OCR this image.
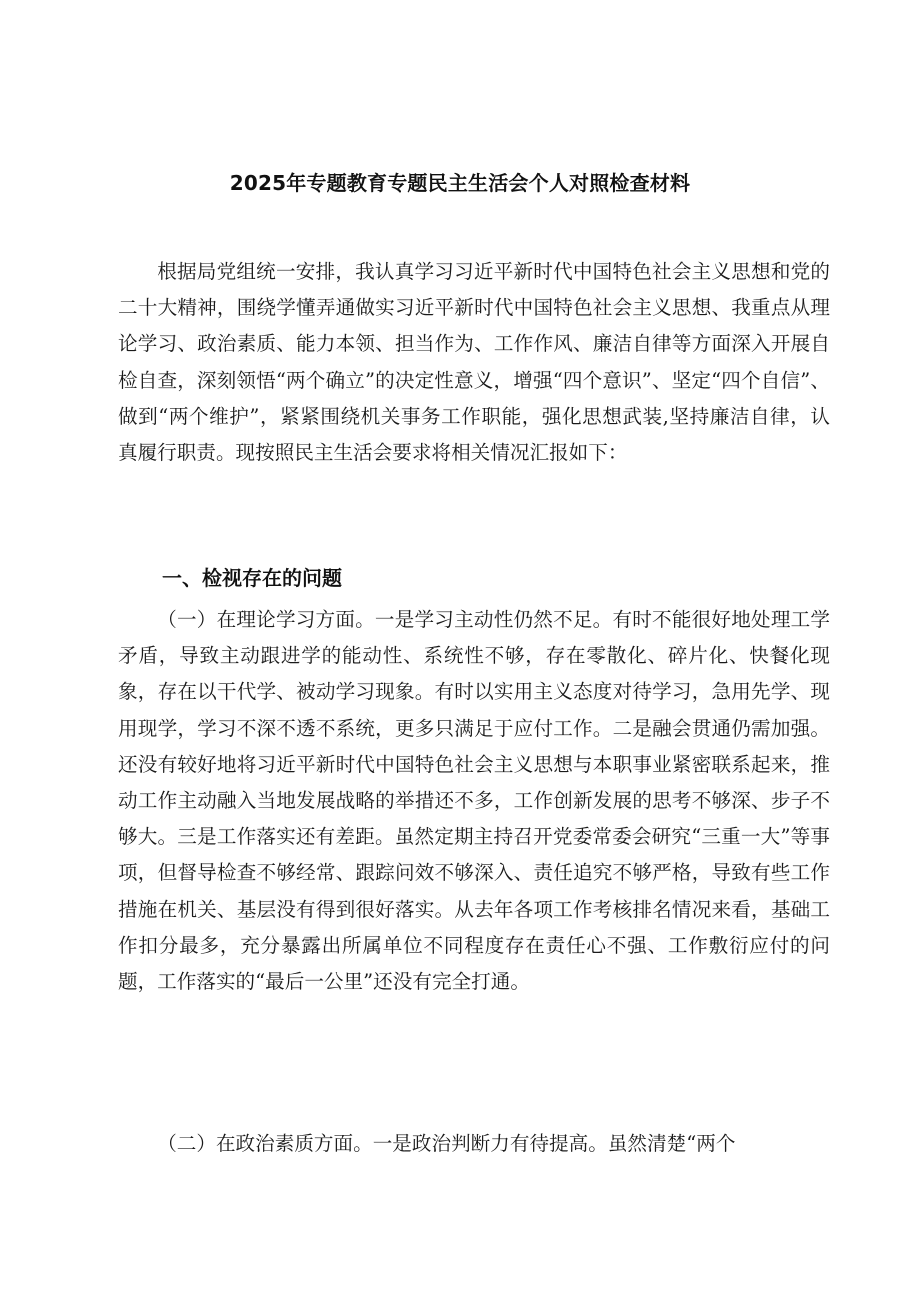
2025年专题教育专题民主生活会个人对照检查材料

根据局党组统一安排，我认真学习习近平新时代中国特色社会主义思想和党的二十大精神，围绕学懂弄通做实习近平新时代中国特色社会主义思想、我重点从理论学习、政治素质、能力本领、担当作为、工作作风、廉洁自律等方面深入开展自检自查，深刻领悟“两个确立”的决定性意义，增强“四个意识”、坚定“四个自信”、做到“两个维护”，紧紧围绕机关事务工作职能，强化思想武装,坚持廉洁自律，认真履行职责。现按照民主生活会要求将相关情况汇报如下：

一、检视存在的问题

（一）在理论学习方面。一是学习主动性仍然不足。有时不能很好地处理工学矛盾，导致主动跟进学的能动性、系统性不够，存在零散化、碎片化、快餐化现象，存在以干代学、被动学习现象。有时以实用主义态度对待学习，急用先学、现用现学，学习不深不透不系统，更多只满足于应付工作。二是融会贯通仍需加强。还没有较好地将习近平新时代中国特色社会主义思想与本职事业紧密联系起来，推动工作主动融入当地发展战略的举措还不多，工作创新发展的思考不够深、步子不够大。三是工作落实还有差距。虽然定期主持召开党委常委会研究“三重一大”等事项，但督导检查不够经常、跟踪问效不够深入、责任追究不够严格，导致有些工作措施在机关、基层没有得到很好落实。从去年各项工作考核排名情况来看，基础工作扣分最多，充分暴露出所属单位不同程度存在责任心不强、工作敷衍应付的问题，工作落实的“最后一公里”还没有完全打通。

（二）在政治素质方面。一是政治判断力有待提高。虽然清楚“两个
